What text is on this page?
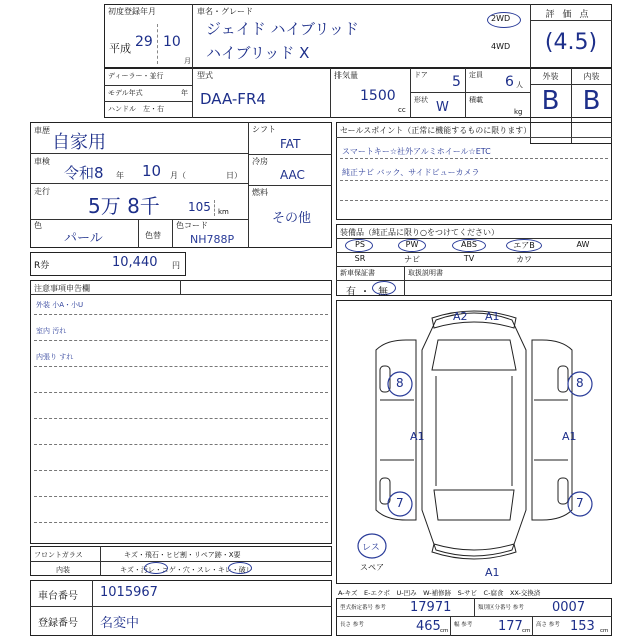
初度登録年月
平成 29 10
月
車名・グレード
ジェイド ハイブリッド
ハイブリッド X
2WD
4WD
評価点
(4.5)
ディーラー・並行
モデル年式	年
ハンドル　左・右
型式
DAA-FR4
排気量
1500
cc
ドア 5 定員 6 人
形状 W	積載
kg
外装	内装
B B
車歴
自家用
車検
令和8 年 10 月（	日）
走行
5万 8千 105 km
色
パール	色替
色コード
NH788P
シフト
FAT
冷房
AAC
燃料
その他
セールスポイント（正常に機能するものに限ります）
スマートキー☆社外アルミホイール☆ETC
純正ナビ バック、サイドビューカメラ
装備品（純正品に限り○をつけてください）
PS	PW	ABS	エアB	AW
SR	ナビ	TV	カワ
新車保証書	取扱説明書
有 ・ 無
R券	10,440 円
注意事項申告欄
外装 小A・小U
室内 汚れ
内張り すれ
フロントガラス	キズ・飛石・ヒビ割・リペア跡・X要
内装	キズ・汚レ・コゲ・穴・スレ・キレ・破レ
車台番号 1015967
登録番号 名変中
A2 A1
8	8
A1	A1
7	7
A1
レス
スペア
A-キズ　E-エクボ　U-凹み　W-補修跡　S-サビ　C-腐食　XX-交換済
型式指定番号 参考 17971	類別区分番号 参考 0007
長さ 参考	465 cm
幅 参考 177 cm
高さ 参考 153 cm
